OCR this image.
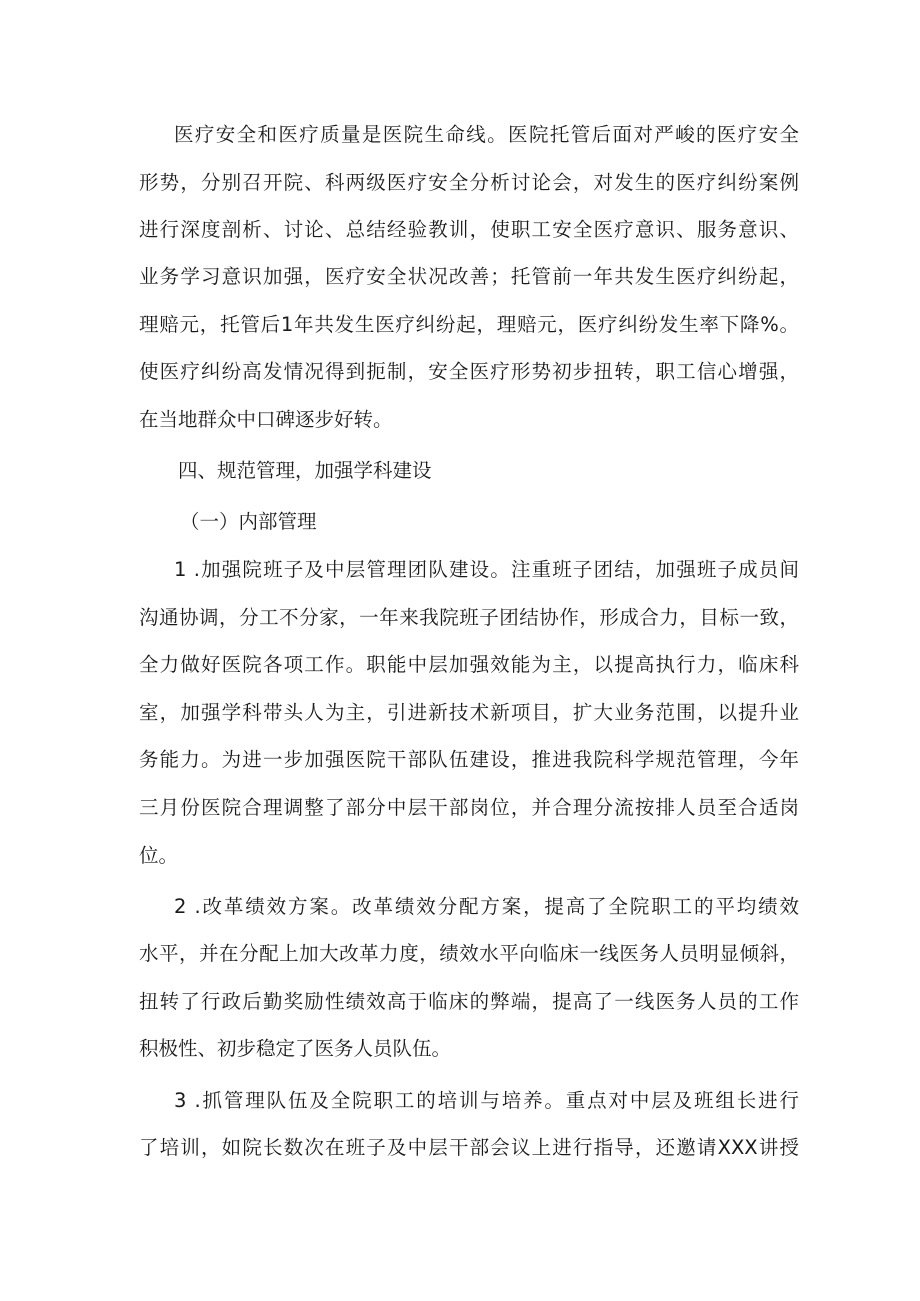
医疗安全和医疗质量是医院生命线。医院托管后面对严峻的医疗安全
形势，分别召开院、科两级医疗安全分析讨论会，对发生的医疗纠纷案例
进行深度剖析、讨论、总结经验教训，使职工安全医疗意识、服务意识、
业务学习意识加强，医疗安全状况改善；托管前一年共发生医疗纠纷起，
理赔元，托管后1年共发生医疗纠纷起，理赔元，医疗纠纷发生率下降%。
使医疗纠纷高发情况得到扼制，安全医疗形势初步扭转，职工信心增强，
在当地群众中口碑逐步好转。
四、规范管理，加强学科建设
（一）内部管理
1 .加强院班子及中层管理团队建设。注重班子团结，加强班子成员间
沟通协调，分工不分家，一年来我院班子团结协作，形成合力，目标一致，
全力做好医院各项工作。职能中层加强效能为主，以提高执行力，临床科
室，加强学科带头人为主，引进新技术新项目，扩大业务范围，以提升业
务能力。为进一步加强医院干部队伍建设，推进我院科学规范管理，今年
三月份医院合理调整了部分中层干部岗位，并合理分流按排人员至合适岗
位。
2 .改革绩效方案。改革绩效分配方案，提高了全院职工的平均绩效
水平，并在分配上加大改革力度，绩效水平向临床一线医务人员明显倾斜，
扭转了行政后勤奖励性绩效高于临床的弊端，提高了一线医务人员的工作
积极性、初步稳定了医务人员队伍。
3 .抓管理队伍及全院职工的培训与培养。重点对中层及班组长进行
了培训，如院长数次在班子及中层干部会议上进行指导，还邀请XXX讲授
